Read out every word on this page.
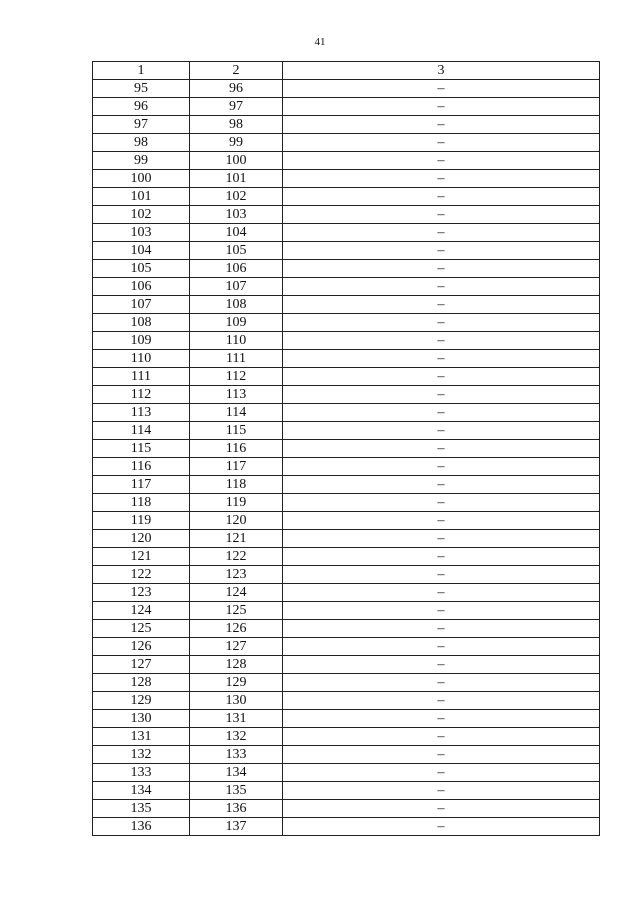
41
1	2	3
95	96	–
96	97	–
97	98	–
98	99	–
99	100	–
100	101	–
101	102	–
102	103	–
103	104	–
104	105	–
105	106	–
106	107	–
107	108	–
108	109	–
109	110	–
110	111	–
111	112	–
112	113	–
113	114	–
114	115	–
115	116	–
116	117	–
117	118	–
118	119	–
119	120	–
120	121	–
121	122	–
122	123	–
123	124	–
124	125	–
125	126	–
126	127	–
127	128	–
128	129	–
129	130	–
130	131	–
131	132	–
132	133	–
133	134	–
134	135	–
135	136	–
136	137	–
